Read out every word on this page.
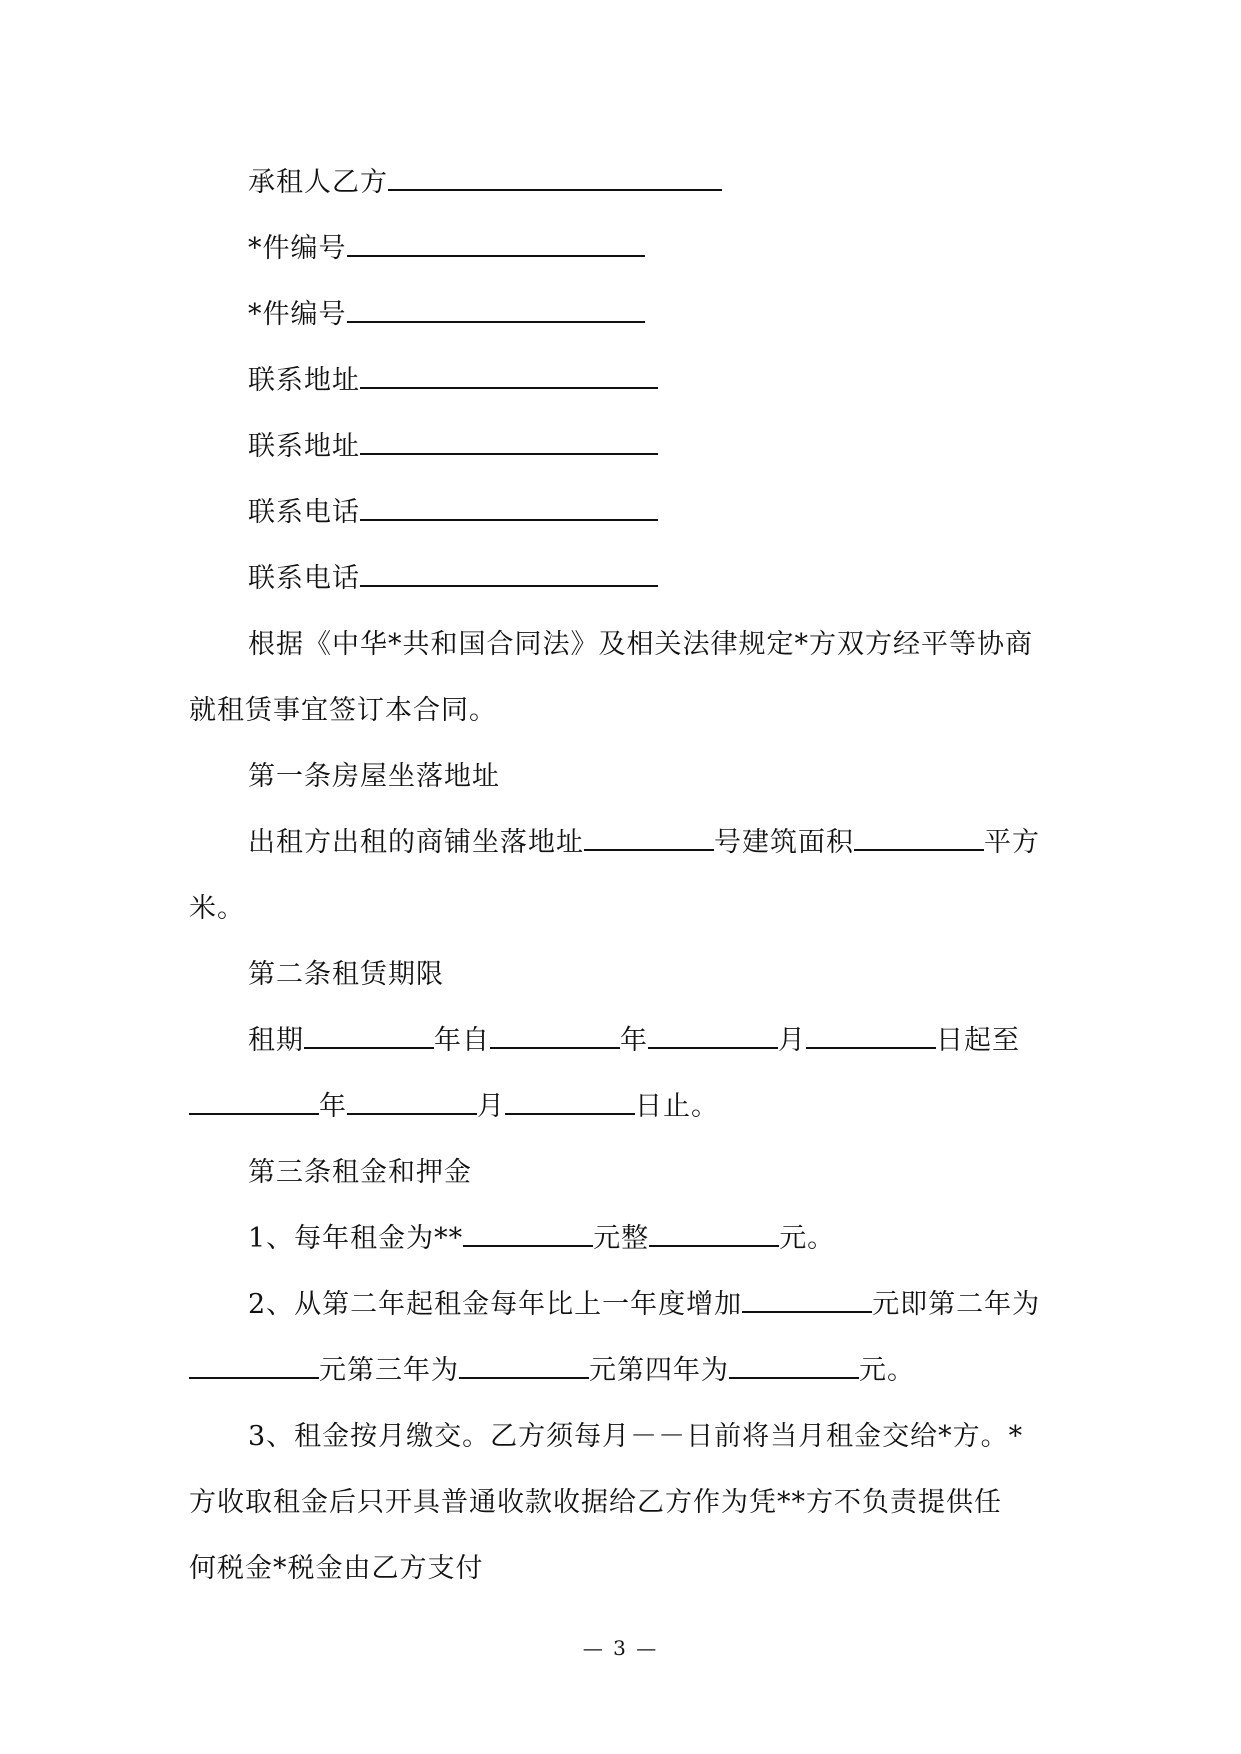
承租人乙方
*件编号
*件编号
联系地址
联系地址
联系电话
联系电话
根据《中华*共和国合同法》及相关法律规定*方双方经平等协商
就租赁事宜签订本合同。
第一条房屋坐落地址
出租方出租的商铺坐落地址	号建筑面积	平方
米。
第二条租赁期限
租期	年自	年	月	日起至
年	月	日止。
第三条租金和押金
1、每年租金为**	元整	元。
2、从第二年起租金每年比上一年度增加	元即第二年为
元第三年为	元第四年为	元。
3、租金按月缴交。乙方须每月－－日前将当月租金交给*方。*
方收取租金后只开具普通收款收据给乙方作为凭**方不负责提供任
何税金*税金由乙方支付
— 3 —
